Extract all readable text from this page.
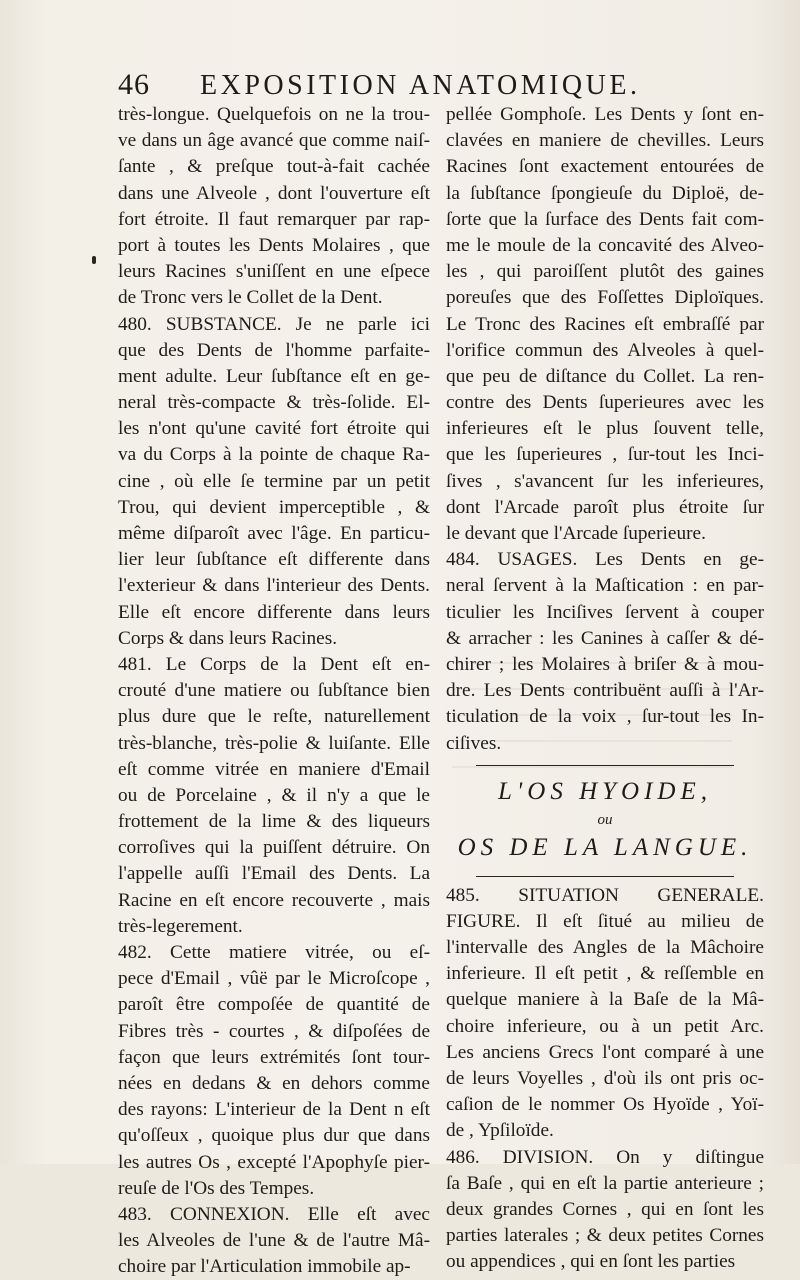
46 EXPOSITION ANATOMIQUE.
très-longue. Quelquefois on ne la trou-
ve dans un âge avancé que comme naiſ-
ſante , & preſque tout-à-fait cachée
dans une Alveole , dont l'ouverture eſt
fort étroite. Il faut remarquer par rap-
port à toutes les Dents Molaires , que
leurs Racines s'uniſſent en une eſpece
de Tronc vers le Collet de la Dent.
480. SUBSTANCE. Je ne parle ici
que des Dents de l'homme parfaite-
ment adulte. Leur ſubſtance eſt en ge-
neral très-compacte & très-ſolide. El-
les n'ont qu'une cavité fort étroite qui
va du Corps à la pointe de chaque Ra-
cine , où elle ſe termine par un petit
Trou, qui devient imperceptible , &
même diſparoît avec l'âge. En particu-
lier leur ſubſtance eſt differente dans
l'exterieur & dans l'interieur des Dents.
Elle eſt encore differente dans leurs
Corps & dans leurs Racines.
481. Le Corps de la Dent eſt en-
crouté d'une matiere ou ſubſtance bien
plus dure que le reſte, naturellement
très-blanche, très-polie & luiſante. Elle
eſt comme vitrée en maniere d'Email
ou de Porcelaine , & il n'y a que le
frottement de la lime & des liqueurs
corroſives qui la puiſſent détruire. On
l'appelle auſſi l'Email des Dents. La
Racine en eſt encore recouverte , mais
très-legerement.
482. Cette matiere vitrée, ou eſ-
pece d'Email , vûë par le Microſcope ,
paroît être compoſée de quantité de
Fibres très - courtes , & diſpoſées de
façon que leurs extrémités ſont tour-
nées en dedans & en dehors comme
des rayons: L'interieur de la Dent n eſt
qu'oſſeux , quoique plus dur que dans
les autres Os , excepté l'Apophyſe pier-
reuſe de l'Os des Tempes.
483. CONNEXION. Elle eſt avec
les Alveoles de l'une & de l'autre Mâ-
choire par l'Articulation immobile ap-
pellée Gomphoſe. Les Dents y ſont en-
clavées en maniere de chevilles. Leurs
Racines ſont exactement entourées de
la ſubſtance ſpongieuſe du Diploë, de-
ſorte que la ſurface des Dents fait com-
me le moule de la concavité des Alveo-
les , qui paroiſſent plutôt des gaines
poreuſes que des Foſſettes Diploïques.
Le Tronc des Racines eſt embraſſé par
l'orifice commun des Alveoles à quel-
que peu de diſtance du Collet. La ren-
contre des Dents ſuperieures avec les
inferieures eſt le plus ſouvent telle,
que les ſuperieures , ſur-tout les Inci-
ſives , s'avancent ſur les inferieures,
dont l'Arcade paroît plus étroite ſur
le devant que l'Arcade ſuperieure.
484. USAGES. Les Dents en ge-
neral ſervent à la Maſtication : en par-
ticulier les Inciſives ſervent à couper
& arracher : les Canines à caſſer & dé-
chirer ; les Molaires à briſer & à mou-
dre. Les Dents contribuënt auſſi à l'Ar-
ticulation de la voix , ſur-tout les In-
ciſives.
L'OS HYOIDE,
ou
OS DE LA LANGUE.
485. SITUATION GENERALE.
FIGURE. Il eſt ſitué au milieu de
l'intervalle des Angles de la Mâchoire
inferieure. Il eſt petit , & reſſemble en
quelque maniere à la Baſe de la Mâ-
choire inferieure, ou à un petit Arc.
Les anciens Grecs l'ont comparé à une
de leurs Voyelles , d'où ils ont pris oc-
caſion de le nommer Os Hyoïde , Yoï-
de , Ypſiloïde.
486. DIVISION. On y diſtingue
ſa Baſe , qui en eſt la partie anterieure ;
deux grandes Cornes , qui en ſont les
parties laterales ; & deux petites Cornes
ou appendices , qui en ſont les parties
